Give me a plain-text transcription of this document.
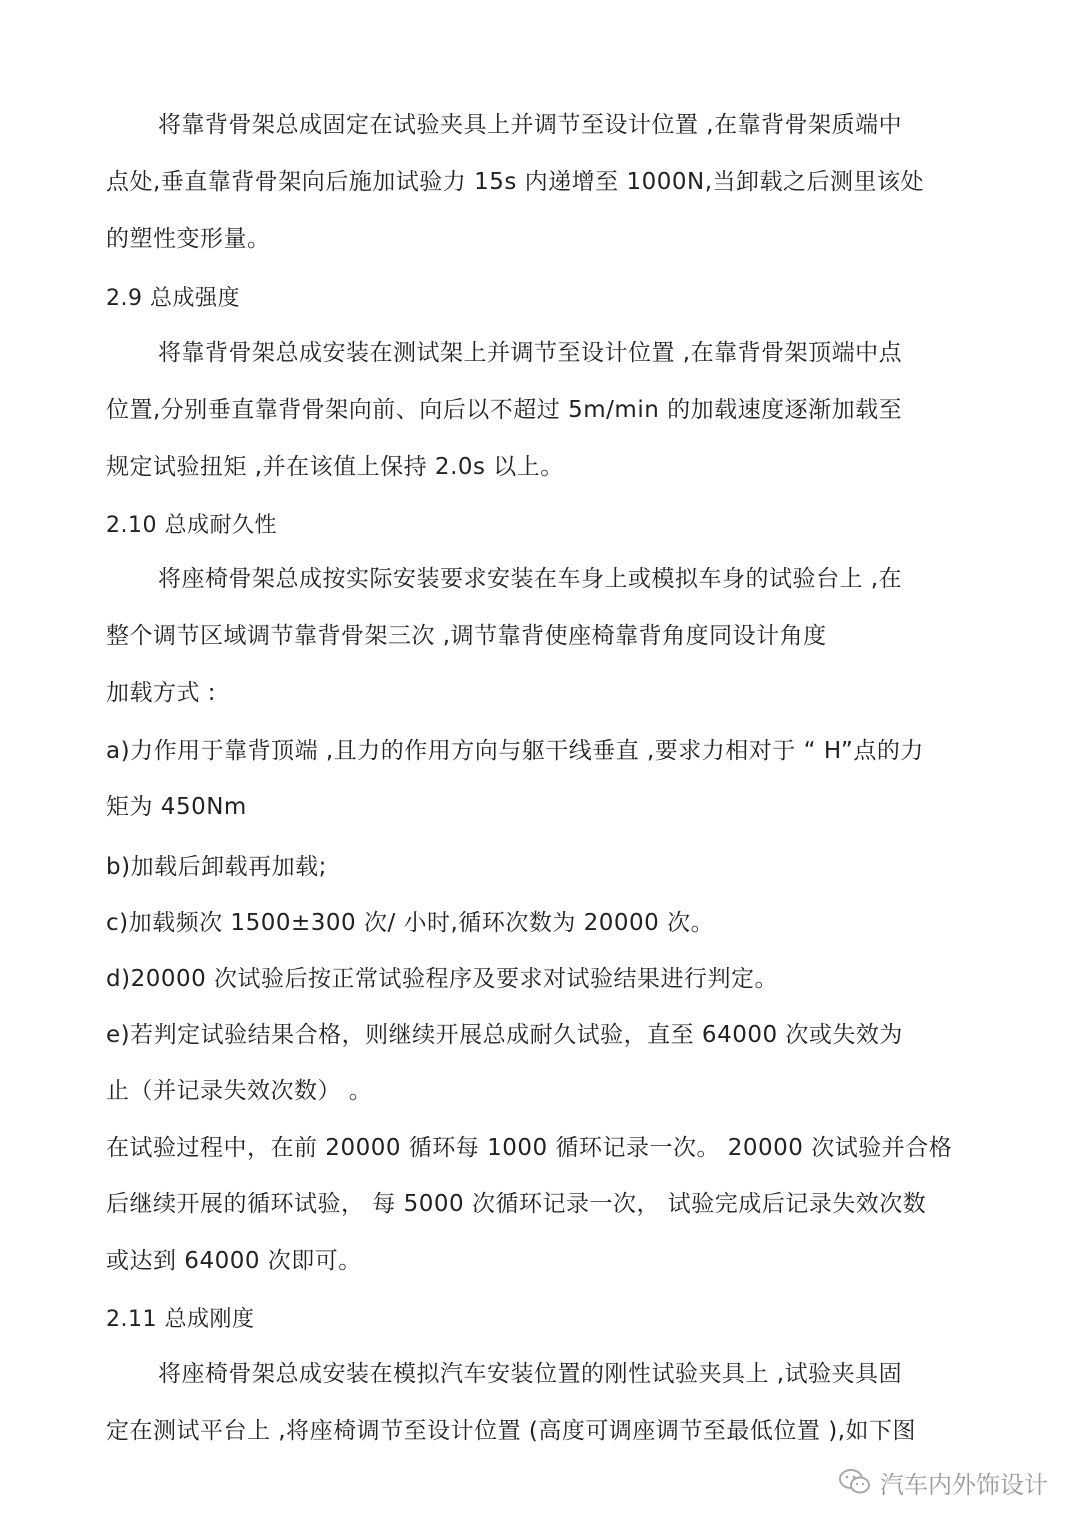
将靠背骨架总成固定在试验夹具上并调节至设计位置 ,在靠背骨架质端中
点处,垂直靠背骨架向后施加试验力 15s 内递增至 1000N,当卸载之后测里该处
的塑性变形量。
2.9 总成强度
将靠背骨架总成安装在测试架上并调节至设计位置 ,在靠背骨架顶端中点
位置,分别垂直靠背骨架向前、向后以不超过 5m/min 的加载速度逐渐加载至
规定试验扭矩 ,并在该值上保持 2.0s 以上。
2.10 总成耐久性
将座椅骨架总成按实际安装要求安装在车身上或模拟车身的试验台上 ,在
整个调节区域调节靠背骨架三次 ,调节靠背使座椅靠背角度同设计角度
加载方式 :
a)力作用于靠背顶端 ,且力的作用方向与躯干线垂直 ,要求力相对于 “ H”点的力
矩为 450Nm
b)加载后卸载再加载;
c)加载频次 1500±300 次/ 小时,循环次数为 20000 次。
d)20000 次试验后按正常试验程序及要求对试验结果进行判定。
e)若判定试验结果合格，则继续开展总成耐久试验，直至 64000 次或失效为
止（并记录失效次数） 。
在试验过程中，在前 20000 循环每 1000 循环记录一次。 20000 次试验并合格
后继续开展的循环试验， 每 5000 次循环记录一次， 试验完成后记录失效次数
或达到 64000 次即可。
2.11 总成刚度
将座椅骨架总成安装在模拟汽车安装位置的刚性试验夹具上 ,试验夹具固
定在测试平台上 ,将座椅调节至设计位置 (高度可调座调节至最低位置 ),如下图
汽车内外饰设计
